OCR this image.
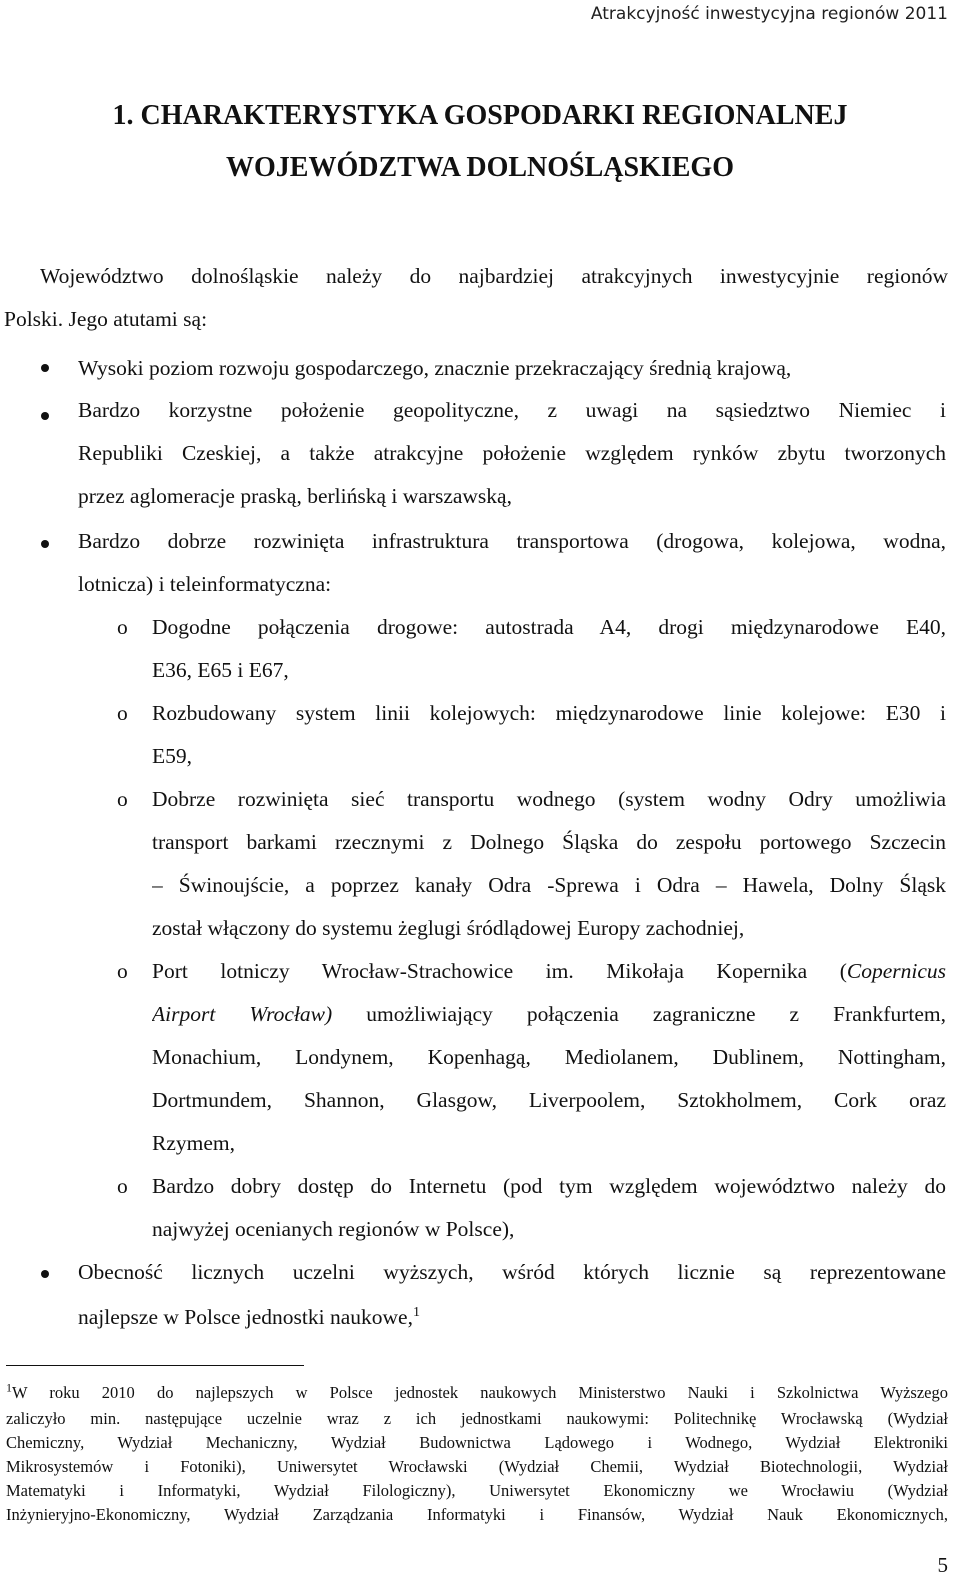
Atrakcyjność inwestycyjna regionów 2011
1. CHARAKTERYSTYKA GOSPODARKI REGIONALNEJ
WOJEWÓDZTWA DOLNOŚLĄSKIEGO
Województwo dolnośląskie należy do najbardziej atrakcyjnych inwestycyjnie regionów
Polski. Jego atutami są:
Wysoki poziom rozwoju gospodarczego, znacznie przekraczający średnią krajową,
Bardzo korzystne położenie geopolityczne, z uwagi na sąsiedztwo Niemiec i
Republiki Czeskiej, a także atrakcyjne położenie względem rynków zbytu tworzonych
przez aglomeracje praską, berlińską i warszawską,
Bardzo dobrze rozwinięta infrastruktura transportowa (drogowa, kolejowa, wodna,
lotnicza) i teleinformatyczna:
o Dogodne połączenia drogowe: autostrada A4, drogi międzynarodowe E40,
E36, E65 i E67,
o Rozbudowany system linii kolejowych: międzynarodowe linie kolejowe: E30 i
E59,
o Dobrze rozwinięta sieć transportu wodnego (system wodny Odry umożliwia
transport barkami rzecznymi z Dolnego Śląska do zespołu portowego Szczecin
– Świnoujście, a poprzez kanały Odra -Sprewa i Odra – Hawela, Dolny Śląsk
został włączony do systemu żeglugi śródlądowej Europy zachodniej,
o Port lotniczy Wrocław-Strachowice im. Mikołaja Kopernika (Copernicus
Airport Wrocław) umożliwiający połączenia zagraniczne z Frankfurtem,
Monachium, Londynem, Kopenhagą, Mediolanem, Dublinem, Nottingham,
Dortmundem, Shannon, Glasgow, Liverpoolem, Sztokholmem, Cork oraz
Rzymem,
o Bardzo dobry dostęp do Internetu (pod tym względem województwo należy do
najwyżej ocenianych regionów w Polsce),
Obecność licznych uczelni wyższych, wśród których licznie są reprezentowane
najlepsze w Polsce jednostki naukowe,$^1$
$^1$W roku 2010 do najlepszych w Polsce jednostek naukowych Ministerstwo Nauki i Szkolnictwa Wyższego
zaliczyło min. następujące uczelnie wraz z ich jednostkami naukowymi: Politechnikę Wrocławską (Wydział
Chemiczny, Wydział Mechaniczny, Wydział Budownictwa Lądowego i Wodnego, Wydział Elektroniki
Mikrosystemów i Fotoniki), Uniwersytet Wrocławski (Wydział Chemii, Wydział Biotechnologii, Wydział
Matematyki i Informatyki, Wydział Filologiczny), Uniwersytet Ekonomiczny we Wrocławiu (Wydział
Inżynieryjno-Ekonomiczny, Wydział Zarządzania Informatyki i Finansów, Wydział Nauk Ekonomicznych,
5
